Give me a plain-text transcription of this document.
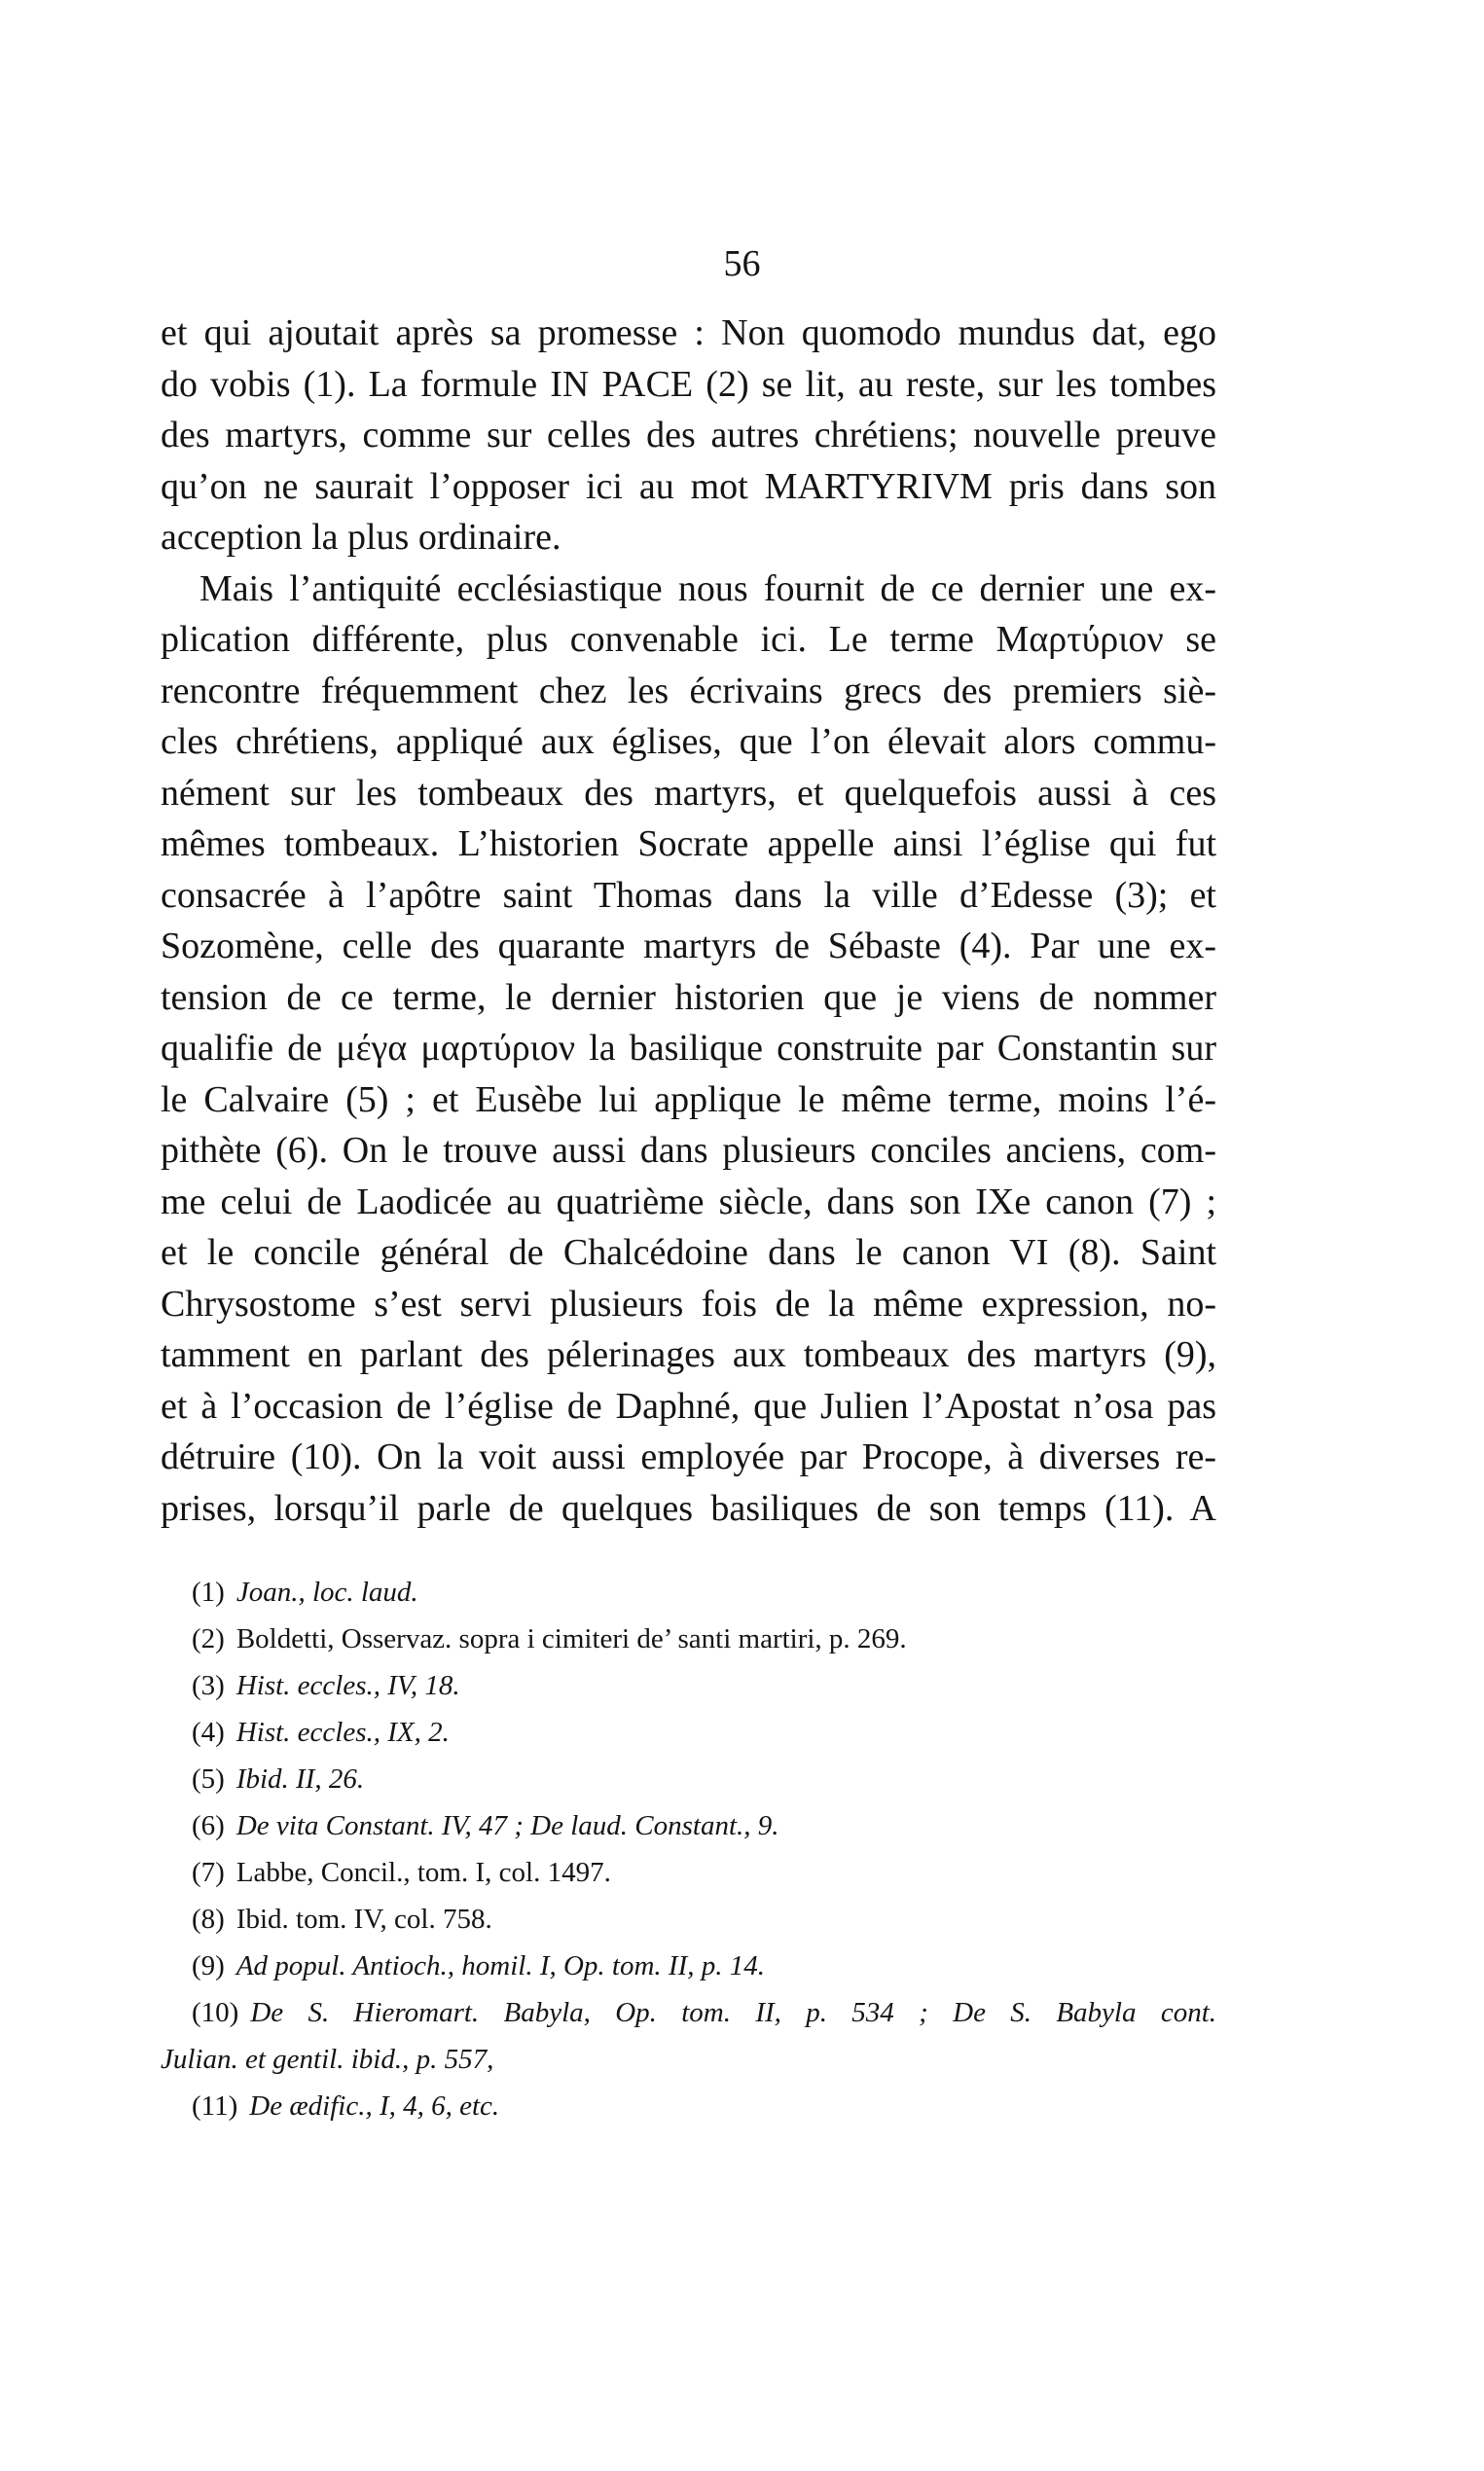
56
et qui ajoutait après sa promesse : Non quomodo mundus dat, ego
do vobis (1). La formule IN PACE (2) se lit, au reste, sur les tombes
des martyrs, comme sur celles des autres chrétiens; nouvelle preuve
qu’on ne saurait l’opposer ici au mot MARTYRIVM pris dans son
acception la plus ordinaire.
Mais l’antiquité ecclésiastique nous fournit de ce dernier une ex-
plication différente, plus convenable ici. Le terme Μαρτύριον se
rencontre fréquemment chez les écrivains grecs des premiers siè-
cles chrétiens, appliqué aux églises, que l’on élevait alors commu-
nément sur les tombeaux des martyrs, et quelquefois aussi à ces
mêmes tombeaux. L’historien Socrate appelle ainsi l’église qui fut
consacrée à l’apôtre saint Thomas dans la ville d’Edesse (3); et
Sozomène, celle des quarante martyrs de Sébaste (4). Par une ex-
tension de ce terme, le dernier historien que je viens de nommer
qualifie de μέγα μαρτύριον la basilique construite par Constantin sur
le Calvaire (5) ; et Eusèbe lui applique le même terme, moins l’é-
pithète (6). On le trouve aussi dans plusieurs conciles anciens, com-
me celui de Laodicée au quatrième siècle, dans son IXe canon (7) ;
et le concile général de Chalcédoine dans le canon VI (8). Saint
Chrysostome s’est servi plusieurs fois de la même expression, no-
tamment en parlant des pélerinages aux tombeaux des martyrs (9),
et à l’occasion de l’église de Daphné, que Julien l’Apostat n’osa pas
détruire (10). On la voit aussi employée par Procope, à diverses re-
prises, lorsqu’il parle de quelques basiliques de son temps (11). A
(1) Joan., loc. laud.
(2) Boldetti, Osservaz. sopra i cimiteri de’ santi martiri, p. 269.
(3) Hist. eccles., IV, 18.
(4) Hist. eccles., IX, 2.
(5) Ibid. II, 26.
(6) De vita Constant. IV, 47 ; De laud. Constant., 9.
(7) Labbe, Concil., tom. I, col. 1497.
(8) Ibid. tom. IV, col. 758.
(9) Ad popul. Antioch., homil. I, Op. tom. II, p. 14.
(10) De S. Hieromart. Babyla, Op. tom. II, p. 534 ; De S. Babyla cont.
Julian. et gentil. ibid., p. 557,
(11) De ædific., I, 4, 6, etc.
